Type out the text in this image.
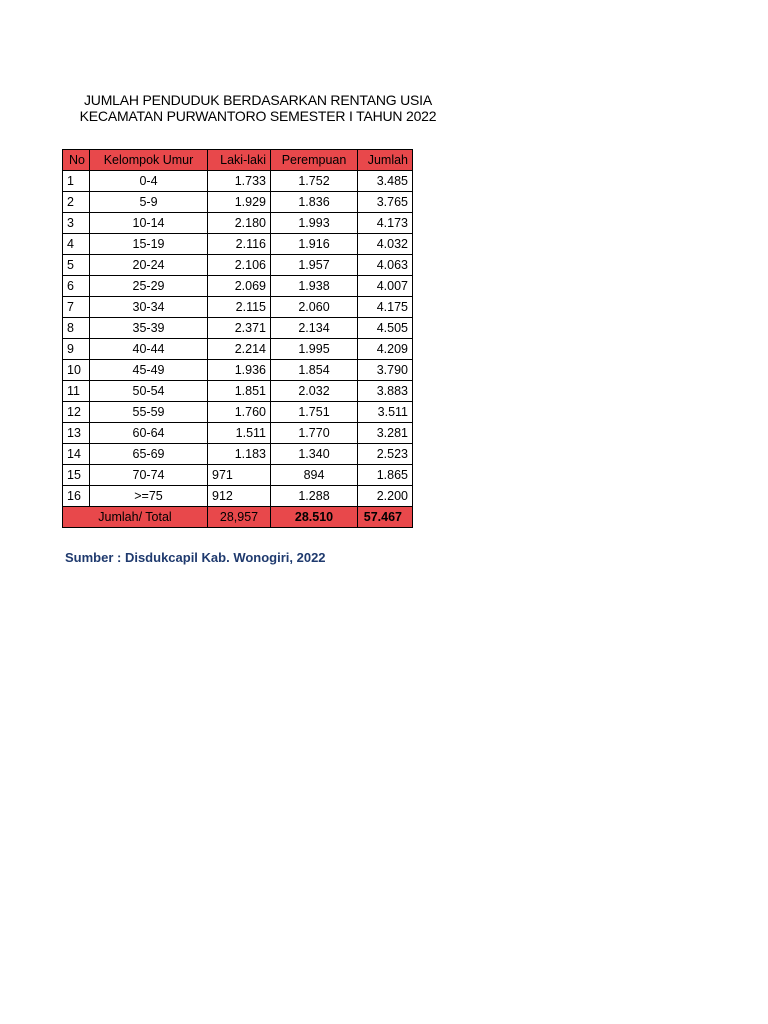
JUMLAH PENDUDUK BERDASARKAN RENTANG USIA
KECAMATAN PURWANTORO SEMESTER I TAHUN 2022
No	Kelompok Umur	Laki-laki	Perempuan	Jumlah
1	0-4	1.733	1.752	3.485
2	5-9	1.929	1.836	3.765
3	10-14	2.180	1.993	4.173
4	15-19	2.116	1.916	4.032
5	20-24	2.106	1.957	4.063
6	25-29	2.069	1.938	4.007
7	30-34	2.115	2.060	4.175
8	35-39	2.371	2.134	4.505
9	40-44	2.214	1.995	4.209
10	45-49	1.936	1.854	3.790
11	50-54	1.851	2.032	3.883
12	55-59	1.760	1.751	3.511
13	60-64	1.511	1.770	3.281
14	65-69	1.183	1.340	2.523
15	70-74	971	894	1.865
16	>=75	912	1.288	2.200
Jumlah/ Total		28,957	28.510	57.467
Sumber : Disdukcapil Kab. Wonogiri, 2022
